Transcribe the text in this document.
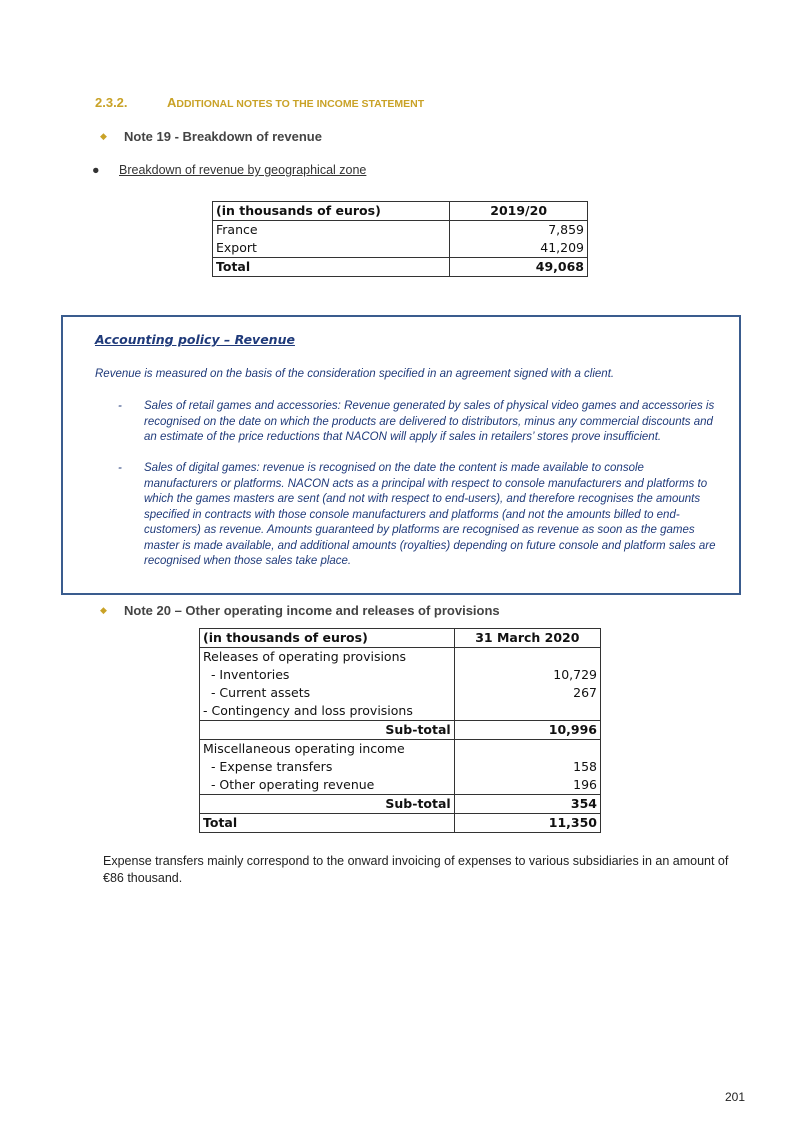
2.3.2.	ADDITIONAL NOTES TO THE INCOME STATEMENT
◆ Note 19 - Breakdown of revenue
● Breakdown of revenue by geographical zone
(in thousands of euros)	2019/20
France	7,859
Export	41,209
Total	49,068
Accounting policy – Revenue
Revenue is measured on the basis of the consideration specified in an agreement signed with a client.
- Sales of retail games and accessories: Revenue generated by sales of physical video games and accessories is recognised on the date on which the products are delivered to distributors, minus any commercial discounts and an estimate of the price reductions that NACON will apply if sales in retailers’ stores prove insufficient.
- Sales of digital games: revenue is recognised on the date the content is made available to console manufacturers or platforms. NACON acts as a principal with respect to console manufacturers and platforms to which the games masters are sent (and not with respect to end-users), and therefore recognises the amounts specified in contracts with those console manufacturers and platforms (and not the amounts billed to end-customers) as revenue. Amounts guaranteed by platforms are recognised as revenue as soon as the games master is made available, and additional amounts (royalties) depending on future console and platform sales are recognised when those sales take place.
◆ Note 20 – Other operating income and releases of provisions
(in thousands of euros)	31 March 2020
Releases of operating provisions	
- Inventories	10,729
- Current assets	267
- Contingency and loss provisions	
Sub-total	10,996
Miscellaneous operating income	
- Expense transfers	158
- Other operating revenue	196
Sub-total	354
Total	11,350
Expense transfers mainly correspond to the onward invoicing of expenses to various subsidiaries in an amount of €86 thousand.
201
